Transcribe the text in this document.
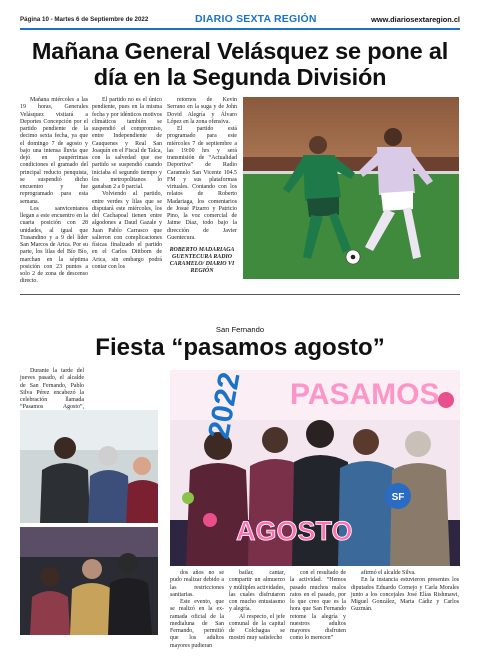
Página 10 - Martes 6 de Septiembre de 2022	DIARIO SEXTA REGIÓN	www.diariosextaregion.cl
Mañana General Velásquez se pone al día en la Segunda División

Mañana miércoles a las 19 horas, Generales Velásquez visitará a Deportes Concepción por el partido pendiente de la decimo sexta fecha, ya que el domingo 7 de agosto y bajo una intensa lluvia que dejó en paupérrimas condiciones el gramado del principal reducto penquista, se suspendió dicho encuentro y fue reprogramado para esta semana.

Los sanvicentanos llegan a este encuentro en la cuarta posición con 28 unidades, al igual que Trasandino y a 9 del líder San Marcos de Arica. Por su parte, los lilas del Bío Bío, marchan en la séptima posición con 23 puntos a solo 2 de zona de descenso directo.

El partido no es el único pendiente, pues en la misma fecha y por idénticos motivos climáticos también se suspendió el compromiso, entre Independiente de Cauquenes y Real San Joaquín en el Fiscal de Talca, con la salvedad que ese partido se suspendió cuando iniciaba el segundo tiempo y los metropolitanos lo ganaban 2 a 0 parcial.

Volviendo al partido, entre verdes y lilas que se disputará este miércoles, los del Cachapoal tienen entre algodones a Daud Gazale y Juan Pablo Carrasco que salieron con complicaciones físicas finalizado el partido en el Carlos Dittborn de Arica, sin embargo podrá contar con los

retornos de Kevin Serrano en la suga y de John Dovid Alegría y Álvaro López en la zona ofensiva.

El partido está programado para este miércoles 7 de septiembre a las 19:00 hrs y será transmisión de “Actualidad Deportiva” de Radio Caramelo San Vicente 104.5 FM y sus plataformas virtuales. Contando con los relatos de Roberto Madariaga, los comentarios de Josué Pizarro y Patricio Pino, la voz comercial de Jaime Díaz, todo bajo la dirección de Javier Guentecura.

ROBERTO MADARIAGA GUENTECURA RADIO CARAMELO/ DIARIO VI REGIÓN
San Fernando
Fiesta “pasamos agosto”

Durante la tarde del jueves pasado, el alcalde de San Fernando, Pablo Silva Pérez encabezó la celebración llamada “Pasamos Agosto”,

SF
PASAMOS
2022
AGOSTO

dos años no se pudo realizar debido a las restricciones sanitarias.

Este evento, que se realizó en la ex-ramada oficial de la medialuna de San Fernando, permitió que los adultos mayores pudieran

bailar, cantar, compartir un almuerzo y múltiples actividades, las cuales disfrutaron con mucho entusiasmo y alegría.

Al respecto, el jefe comunal de la capital de Colchagua se mostró muy satisfecho

con el resultado de la actividad. “Hemos pasado muchos malos ratos en el pasado, por lo que creo que es la hora que San Fernando retome la alegría y nuestros adultos mayores disfruten como lo merecen”

afirmó el alcalde Silva.

En la instancia estuvieron presentes los diputados Eduardo Cornejo y Carla Morales junto a los concejales José Elías Rishmawi, Miguel González, Marta Cádiz y Carlos Guzmán.
